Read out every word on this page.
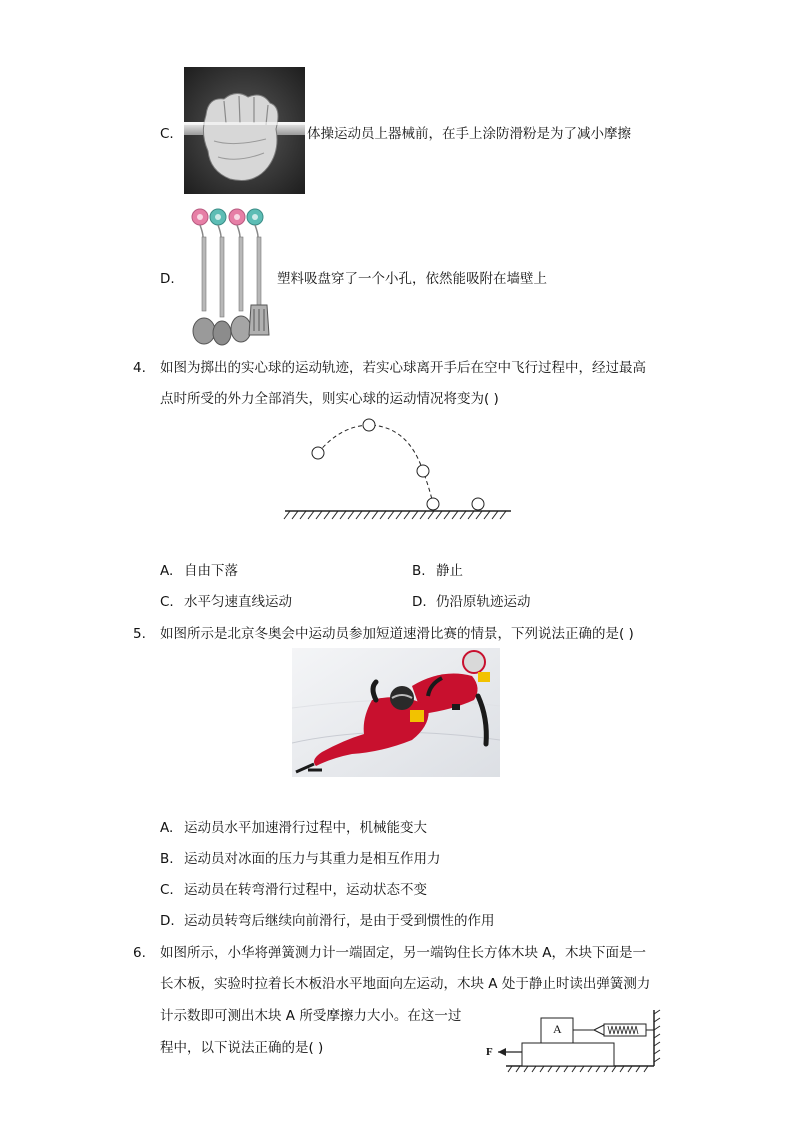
C.	体操运动员上器械前，在手上涂防滑粉是为了减小摩擦
D.	塑料吸盘穿了一个小孔，依然能吸附在墙壁上
4. 如图为掷出的实心球的运动轨迹，若实心球离开手后在空中飞行过程中，经过最高
点时所受的外力全部消失，则实心球的运动情况将变为( )
A. 自由下落	B. 静止
C. 水平匀速直线运动	D. 仍沿原轨迹运动
5. 如图所示是北京冬奥会中运动员参加短道速滑比赛的情景，下列说法正确的是( )
A. 运动员水平加速滑行过程中，机械能变大
B. 运动员对冰面的压力与其重力是相互作用力
C. 运动员在转弯滑行过程中，运动状态不变
D. 运动员转弯后继续向前滑行，是由于受到惯性的作用
6. 如图所示，小华将弹簧测力计一端固定，另一端钩住长方体木块 A，木块下面是一
长木板，实验时拉着长木板沿水平地面向左运动，木块 A 处于静止时读出弹簧测力
计示数即可测出木块 A 所受摩擦力大小。在这一过
程中，以下说法正确的是( )
A
F
